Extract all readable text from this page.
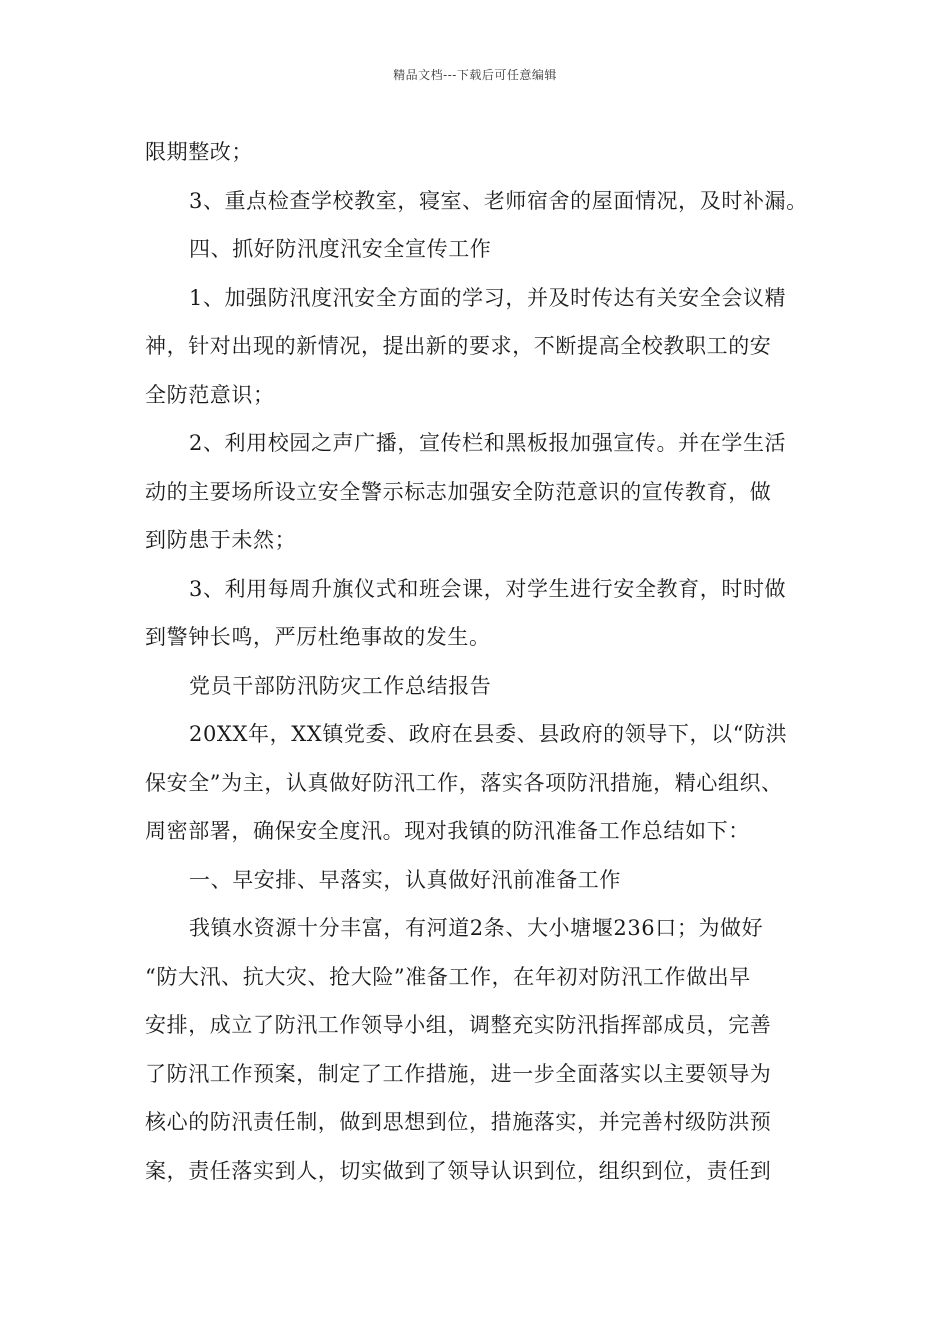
精品文档---下载后可任意编辑
限期整改；
3、重点检查学校教室，寝室、老师宿舍的屋面情况，及时补漏。
四、抓好防汛度汛安全宣传工作
1、加强防汛度汛安全方面的学习，并及时传达有关安全会议精
神，针对出现的新情况，提出新的要求，不断提高全校教职工的安
全防范意识；
2、利用校园之声广播，宣传栏和黑板报加强宣传。并在学生活
动的主要场所设立安全警示标志加强安全防范意识的宣传教育，做
到防患于未然；
3、利用每周升旗仪式和班会课，对学生进行安全教育，时时做
到警钟长鸣，严厉杜绝事故的发生。
党员干部防汛防灾工作总结报告
20XX年，XX镇党委、政府在县委、县政府的领导下，以“防洪
保安全”为主，认真做好防汛工作，落实各项防汛措施，精心组织、
周密部署，确保安全度汛。现对我镇的防汛准备工作总结如下：
一、早安排、早落实，认真做好汛前准备工作
我镇水资源十分丰富，有河道2条、大小塘堰236口；为做好
“防大汛、抗大灾、抢大险”准备工作，在年初对防汛工作做出早
安排，成立了防汛工作领导小组，调整充实防汛指挥部成员，完善
了防汛工作预案，制定了工作措施，进一步全面落实以主要领导为
核心的防汛责任制，做到思想到位，措施落实，并完善村级防洪预
案，责任落实到人，切实做到了领导认识到位，组织到位，责任到
